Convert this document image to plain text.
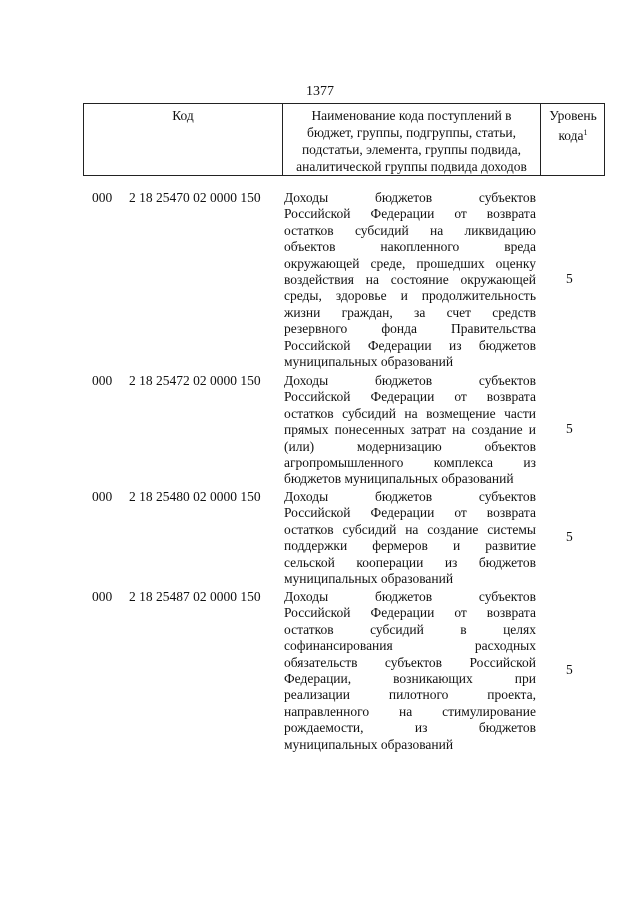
1377
Код	Наименование кода поступлений в
бюджет, группы, подгруппы, статьи,
подстатьи, элемента, группы подвида,
аналитической группы подвида доходов
Уровень
кода$^1$
000 2 18 25470 02 0000 150 Доходы бюджетов субъектов
Российской Федерации от возврата
остатков субсидий на ликвидацию
объектов накопленного вреда
окружающей среде, прошедших оценку
воздействия на состояние окружающей
среды, здоровье и продолжительность
жизни граждан, за счет средств
резервного фонда Правительства
Российской Федерации из бюджетов
муниципальных образований
5
000 2 18 25472 02 0000 150 Доходы бюджетов субъектов
Российской Федерации от возврата
остатков субсидий на возмещение части
прямых понесенных затрат на создание и
(или) модернизацию объектов
агропромышленного комплекса из
бюджетов муниципальных образований
5
000 2 18 25480 02 0000 150 Доходы бюджетов субъектов
Российской Федерации от возврата
остатков субсидий на создание системы
поддержки фермеров и развитие
сельской кооперации из бюджетов
муниципальных образований
5
000 2 18 25487 02 0000 150 Доходы бюджетов субъектов
Российской Федерации от возврата
остатков субсидий в целях
софинансирования расходных
обязательств субъектов Российской
Федерации, возникающих при
реализации пилотного проекта,
направленного на стимулирование
рождаемости, из бюджетов
муниципальных образований
5
